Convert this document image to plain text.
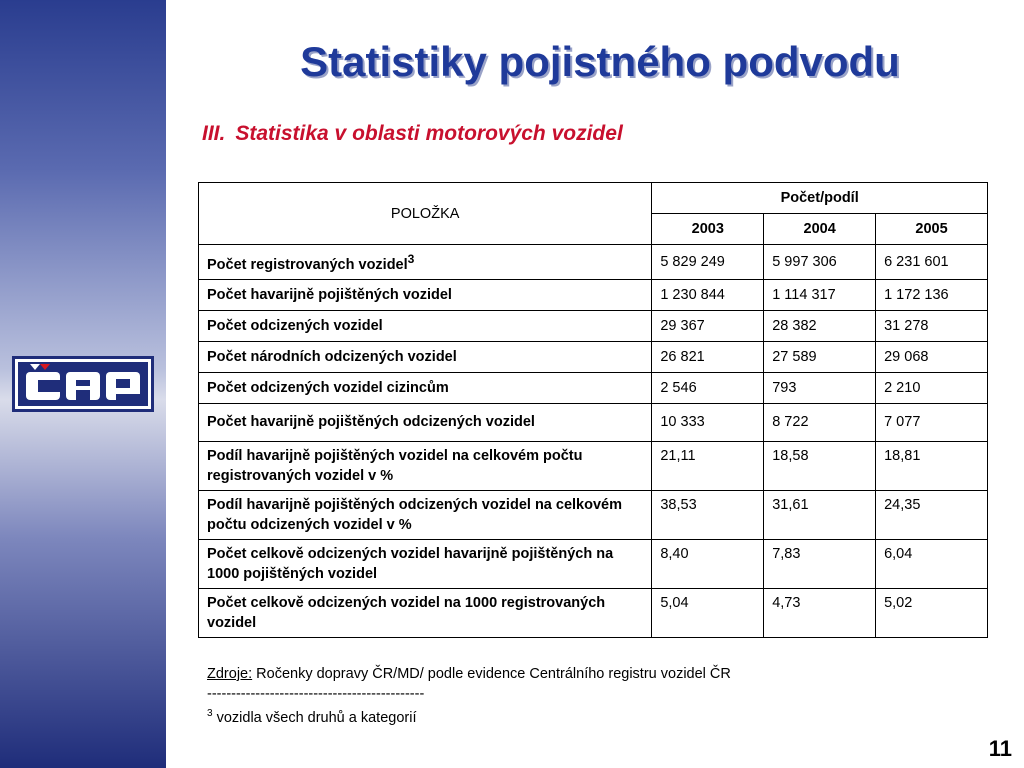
Statistiky pojistného podvodu
III. Statistika v oblasti motorových vozidel
POLOŽKA	Počet/podíl		
	2003	2004	2005
Počet registrovaných vozidel$^3$	5 829 249	5 997 306	6 231 601
Počet havarijně pojištěných vozidel	1 230 844	1 114 317	1 172 136
Počet odcizených vozidel	29 367	28 382	31 278
Počet národních odcizených vozidel	26 821	27 589	29 068
Počet odcizených vozidel cizincům	2 546	793	2 210
Počet havarijně pojištěných odcizených vozidel	10 333	8 722	7 077
Podíl havarijně pojištěných vozidel na celkovém počtu registrovaných vozidel v %	21,11	18,58	18,81
Podíl havarijně pojištěných odcizených vozidel na celkovém počtu odcizených vozidel v %	38,53	31,61	24,35
Počet celkově odcizených vozidel havarijně pojištěných na 1000 pojištěných vozidel	8,40	7,83	6,04
Počet celkově odcizených vozidel na 1000 registrovaných vozidel	5,04	4,73	5,02
Zdroje: Ročenky dopravy ČR/MD/ podle evidence Centrálního registru vozidel ČR
---------------------------------------------
$^3$ vozidla všech druhů a kategorií
11
